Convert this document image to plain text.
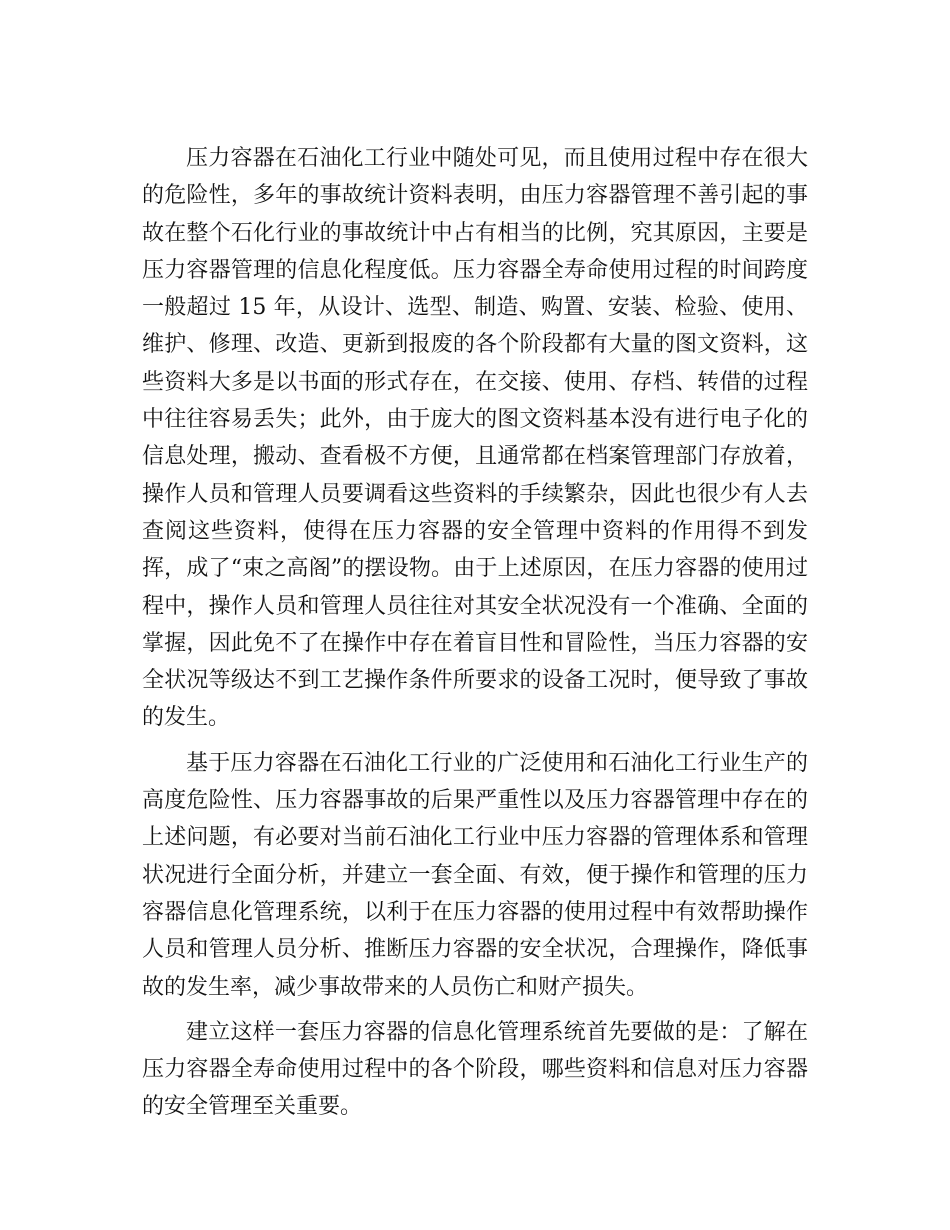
压力容器在石油化工行业中随处可见，而且使用过程中存在很大的危险性，多年的事故统计资料表明，由压力容器管理不善引起的事故在整个石化行业的事故统计中占有相当的比例，究其原因，主要是压力容器管理的信息化程度低。压力容器全寿命使用过程的时间跨度一般超过 15 年，从设计、选型、制造、购置、安装、检验、使用、维护、修理、改造、更新到报废的各个阶段都有大量的图文资料，这些资料大多是以书面的形式存在，在交接、使用、存档、转借的过程中往往容易丢失；此外，由于庞大的图文资料基本没有进行电子化的信息处理，搬动、查看极不方便，且通常都在档案管理部门存放着，操作人员和管理人员要调看这些资料的手续繁杂，因此也很少有人去查阅这些资料，使得在压力容器的安全管理中资料的作用得不到发挥，成了“束之高阁”的摆设物。由于上述原因，在压力容器的使用过程中，操作人员和管理人员往往对其安全状况没有一个准确、全面的掌握，因此免不了在操作中存在着盲目性和冒险性，当压力容器的安全状况等级达不到工艺操作条件所要求的设备工况时，便导致了事故的发生。

基于压力容器在石油化工行业的广泛使用和石油化工行业生产的高度危险性、压力容器事故的后果严重性以及压力容器管理中存在的上述问题，有必要对当前石油化工行业中压力容器的管理体系和管理状况进行全面分析，并建立一套全面、有效，便于操作和管理的压力容器信息化管理系统，以利于在压力容器的使用过程中有效帮助操作人员和管理人员分析、推断压力容器的安全状况，合理操作，降低事故的发生率，减少事故带来的人员伤亡和财产损失。

建立这样一套压力容器的信息化管理系统首先要做的是：了解在压力容器全寿命使用过程中的各个阶段，哪些资料和信息对压力容器的安全管理至关重要。
